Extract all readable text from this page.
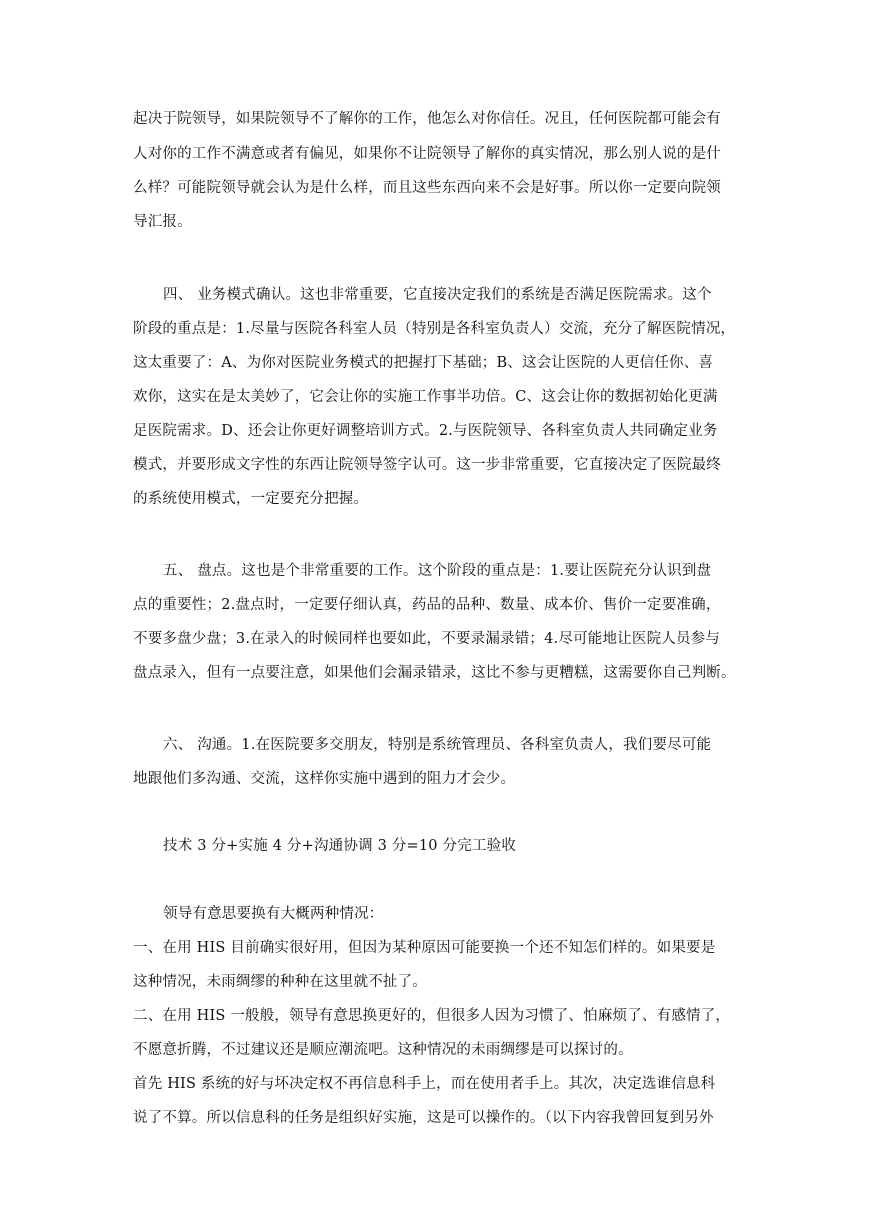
起决于院领导，如果院领导不了解你的工作，他怎么对你信任。况且，任何医院都可能会有
人对你的工作不满意或者有偏见，如果你不让院领导了解你的真实情况，那么别人说的是什
么样？可能院领导就会认为是什么样，而且这些东西向来不会是好事。所以你一定要向院领
导汇报。
四、 业务模式确认。这也非常重要，它直接决定我们的系统是否满足医院需求。这个
阶段的重点是：1.尽量与医院各科室人员（特别是各科室负责人）交流，充分了解医院情况，
这太重要了：A、为你对医院业务模式的把握打下基础；B、这会让医院的人更信任你、喜
欢你，这实在是太美妙了，它会让你的实施工作事半功倍。C、这会让你的数据初始化更满
足医院需求。D、还会让你更好调整培训方式。2.与医院领导、各科室负责人共同确定业务
模式，并要形成文字性的东西让院领导签字认可。这一步非常重要，它直接决定了医院最终
的系统使用模式，一定要充分把握。
五、 盘点。这也是个非常重要的工作。这个阶段的重点是：1.要让医院充分认识到盘
点的重要性；2.盘点时，一定要仔细认真，药品的品种、数量、成本价、售价一定要准确，
不要多盘少盘；3.在录入的时候同样也要如此，不要录漏录错；4.尽可能地让医院人员参与
盘点录入，但有一点要注意，如果他们会漏录错录，这比不参与更糟糕，这需要你自己判断。
六、 沟通。1.在医院要多交朋友，特别是系统管理员、各科室负责人，我们要尽可能
地跟他们多沟通、交流，这样你实施中遇到的阻力才会少。
技术 3 分+实施 4 分+沟通协调 3 分=10 分完工验收
领导有意思要换有大概两种情况：
一、在用 HIS 目前确实很好用，但因为某种原因可能要换一个还不知怎们样的。如果要是
这种情况，未雨绸缪的种种在这里就不扯了。
二、在用 HIS 一般般，领导有意思换更好的，但很多人因为习惯了、怕麻烦了、有感情了，
不愿意折腾，不过建议还是顺应潮流吧。这种情况的未雨绸缪是可以探讨的。
首先 HIS 系统的好与坏决定权不再信息科手上，而在使用者手上。其次，决定选谁信息科
说了不算。所以信息科的任务是组织好实施，这是可以操作的。（以下内容我曾回复到另外
